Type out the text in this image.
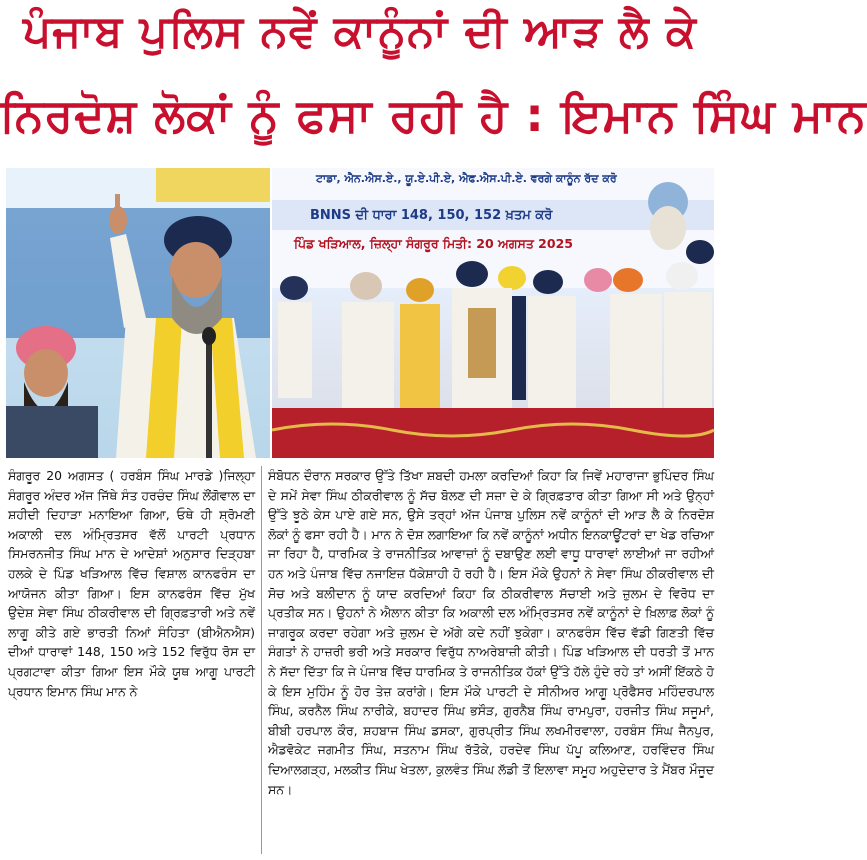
ਪੰਜਾਬ ਪੁਲਿਸ ਨਵੇਂ ਕਾਨੂੰਨਾਂ ਦੀ ਆੜ ਲੈ ਕੇ
ਨਿਰਦੋਸ਼ ਲੋਕਾਂ ਨੂੰ ਫਸਾ ਰਹੀ ਹੈ : ਇਮਾਨ ਸਿੰਘ ਮਾਨ
ਟਾਡਾ, ਐਨ.ਐਸ.ਏ., ਯੂ.ਏ.ਪੀ.ਏ, ਐਫ.ਐਸ.ਪੀ.ਏ. ਵਰਗੇ ਕਾਨੂੰਨ ਰੱਦ ਕਰੋ
BNNS ਦੀ ਧਾਰਾ 148, 150, 152 ਖ਼ਤਮ ਕਰੋ
ਪਿੰਡ ਖੜਿਆਲ, ਜ਼ਿਲ੍ਹਾ ਸੰਗਰੂਰ ਮਿਤੀ: 20 ਅਗਸਤ 2025
ਸੰਗਰੂਰ 20 ਅਗਸਤ ( ਹਰਬੰਸ ਸਿੰਘ ਮਾਰਡੇ )ਜਿਲ੍ਹਾ ਸੰਗਰੂਰ ਅੰਦਰ ਅੱਜ ਜਿੱਥੇ ਸੰਤ ਹਰਚੰਦ ਸਿੰਘ ਲੌਂਗੋਵਾਲ ਦਾ ਸ਼ਹੀਦੀ ਦਿਹਾੜਾ ਮਨਾਇਆ ਗਿਆ, ਓਥੇ ਹੀ ਸ਼੍ਰੋਮਣੀ ਅਕਾਲੀ ਦਲ ਅੰਮ੍ਰਿਤਸਰ ਵੱਲੋਂ ਪਾਰਟੀ ਪ੍ਰਧਾਨ ਸਿਮਰਨਜੀਤ ਸਿੰਘ ਮਾਨ ਦੇ ਆਦੇਸ਼ਾਂ ਅਨੁਸਾਰ ਦਿੜ੍ਹਬਾ ਹਲਕੇ ਦੇ ਪਿੰਡ ਖੜਿਆਲ ਵਿੱਚ ਵਿਸ਼ਾਲ ਕਾਨਫਰੰਸ ਦਾ ਆਯੋਜਨ ਕੀਤਾ ਗਿਆ। ਇਸ ਕਾਨਫਰੰਸ ਵਿੱਚ ਮੁੱਖ ਉਦੇਸ਼ ਸੇਵਾ ਸਿੰਘ ਠੀਕਰੀਵਾਲ ਦੀ ਗ੍ਰਿਫ਼ਤਾਰੀ ਅਤੇ ਨਵੇਂ ਲਾਗੂ ਕੀਤੇ ਗਏ ਭਾਰਤੀ ਨਿਆਂ ਸੰਹਿਤਾ (ਬੀਐਨਐਸ) ਦੀਆਂ ਧਾਰਾਵਾਂ 148, 150 ਅਤੇ 152 ਵਿਰੁੱਧ ਰੋਸ ਦਾ ਪ੍ਰਗਟਾਵਾ ਕੀਤਾ ਗਿਆ ਇਸ ਮੌਕੇ ਯੂਥ ਆਗੂ ਪਾਰਟੀ ਪ੍ਰਧਾਨ ਇਮਾਨ ਸਿੰਘ ਮਾਨ ਨੇ
ਸੰਬੋਧਨ ਦੌਰਾਨ ਸਰਕਾਰ ਉੱਤੇ ਤਿੱਖਾ ਸ਼ਬਦੀ ਹਮਲਾ ਕਰਦਿਆਂ ਕਿਹਾ ਕਿ ਜਿਵੇਂ ਮਹਾਰਾਜਾ ਭੁਪਿੰਦਰ ਸਿੰਘ ਦੇ ਸਮੇਂ ਸੇਵਾ ਸਿੰਘ ਠੀਕਰੀਵਾਲ ਨੂੰ ਸੱਚ ਬੋਲਣ ਦੀ ਸਜ਼ਾ ਦੇ ਕੇ ਗ੍ਰਿਫ਼ਤਾਰ ਕੀਤਾ ਗਿਆ ਸੀ ਅਤੇ ਉਨ੍ਹਾਂ ਉੱਤੇ ਝੂਠੇ ਕੇਸ ਪਾਏ ਗਏ ਸਨ, ਉਸੇ ਤਰ੍ਹਾਂ ਅੱਜ ਪੰਜਾਬ ਪੁਲਿਸ ਨਵੇਂ ਕਾਨੂੰਨਾਂ ਦੀ ਆੜ ਲੈ ਕੇ ਨਿਰਦੋਸ਼ ਲੋਕਾਂ ਨੂੰ ਫਸਾ ਰਹੀ ਹੈ। ਮਾਨ ਨੇ ਦੋਸ਼ ਲਗਾਇਆ ਕਿ ਨਵੇਂ ਕਾਨੂੰਨਾਂ ਅਧੀਨ ਇਨਕਾਊਂਟਰਾਂ ਦਾ ਖੇਡ ਰਚਿਆ ਜਾ ਰਿਹਾ ਹੈ, ਧਾਰਮਿਕ ਤੇ ਰਾਜਨੀਤਿਕ ਆਵਾਜ਼ਾਂ ਨੂੰ ਦਬਾਉਣ ਲਈ ਵਾਧੂ ਧਾਰਾਵਾਂ ਲਾਈਆਂ ਜਾ ਰਹੀਆਂ ਹਨ ਅਤੇ ਪੰਜਾਬ ਵਿੱਚ ਨਜਾਇਜ਼ ਧੱਕੇਸ਼ਾਹੀ ਹੋ ਰਹੀ ਹੈ। ਇਸ ਮੌਕੇ ਉਹਨਾਂ ਨੇ ਸੇਵਾ ਸਿੰਘ ਠੀਕਰੀਵਾਲ ਦੀ ਸੋਚ ਅਤੇ ਬਲੀਦਾਨ ਨੂੰ ਯਾਦ ਕਰਦਿਆਂ ਕਿਹਾ ਕਿ ਠੀਕਰੀਵਾਲ ਸੱਚਾਈ ਅਤੇ ਜ਼ੁਲਮ ਦੇ ਵਿਰੋਧ ਦਾ ਪ੍ਰਤੀਕ ਸਨ। ਉਹਨਾਂ ਨੇ ਐਲਾਨ ਕੀਤਾ ਕਿ ਅਕਾਲੀ ਦਲ ਅੰਮ੍ਰਿਤਸਰ ਨਵੇਂ ਕਾਨੂੰਨਾਂ ਦੇ ਖ਼ਿਲਾਫ਼ ਲੋਕਾਂ ਨੂੰ ਜਾਗਰੂਕ ਕਰਦਾ ਰਹੇਗਾ ਅਤੇ ਜ਼ੁਲਮ ਦੇ ਅੱਗੇ ਕਦੇ ਨਹੀਂ ਝੁਕੇਗਾ। ਕਾਨਫਰੰਸ ਵਿੱਚ ਵੱਡੀ ਗਿਣਤੀ ਵਿੱਚ ਸੰਗਤਾਂ ਨੇ ਹਾਜ਼ਰੀ ਭਰੀ ਅਤੇ ਸਰਕਾਰ ਵਿਰੁੱਧ ਨਾਅਰੇਬਾਜ਼ੀ ਕੀਤੀ। ਪਿੰਡ ਖੜਿਆਲ ਦੀ ਧਰਤੀ ਤੋਂ ਮਾਨ ਨੇ ਸੱਦਾ ਦਿੱਤਾ ਕਿ ਜੇ ਪੰਜਾਬ ਵਿੱਚ ਧਾਰਮਿਕ ਤੇ ਰਾਜਨੀਤਿਕ ਹੱਕਾਂ ਉੱਤੇ ਹੱਲੇ ਹੁੰਦੇ ਰਹੇ ਤਾਂ ਅਸੀਂ ਇੱਕਠੇ ਹੋ ਕੇ ਇਸ ਮੁਹਿੰਮ ਨੂੰ ਹੋਰ ਤੇਜ਼ ਕਰਾਂਗੇ। ਇਸ ਮੌਕੇ ਪਾਰਟੀ ਦੇ ਸੀਨੀਅਰ ਆਗੂ ਪ੍ਰੋਫੈਸਰ ਮਹਿੰਦਰਪਾਲ ਸਿੰਘ, ਕਰਨੈਲ ਸਿੰਘ ਨਾਰੀਕੇ, ਬਹਾਦਰ ਸਿੰਘ ਭਸੌੜ, ਗੁਰਨੈਬ ਸਿੰਘ ਰਾਮਪੁਰਾ, ਹਰਜੀਤ ਸਿੰਘ ਸਜੂਮਾਂ, ਬੀਬੀ ਹਰਪਾਲ ਕੌਰ, ਸ਼ਹਬਾਜ ਸਿੰਘ ਡਸਕਾ, ਗੁਰਪ੍ਰੀਤ ਸਿੰਘ ਲਖਮੀਰਵਾਲਾ, ਹਰਬੰਸ ਸਿੰਘ ਜੈਨਪੁਰ, ਐਡਵੋਕੇਟ ਜਗਮੀਤ ਸਿੰਘ, ਸਤਨਾਮ ਸਿੰਘ ਰੱਤੋਕੇ, ਹਰਦੇਵ ਸਿੰਘ ਪੱਪੂ ਕਲਿਆਣ, ਹਰਵਿੰਦਰ ਸਿੰਘ ਦਿਆਲਗੜ੍ਹ, ਮਲਕੀਤ ਸਿੰਘ ਖੇਤਲਾ, ਕੁਲਵੰਤ ਸਿੰਘ ਲੱਡੀ ਤੋਂ ਇਲਾਵਾ ਸਮੂਹ ਅਹੁਦੇਦਾਰ ਤੇ ਮੈਂਬਰ ਮੌਜੂਦ ਸਨ।
